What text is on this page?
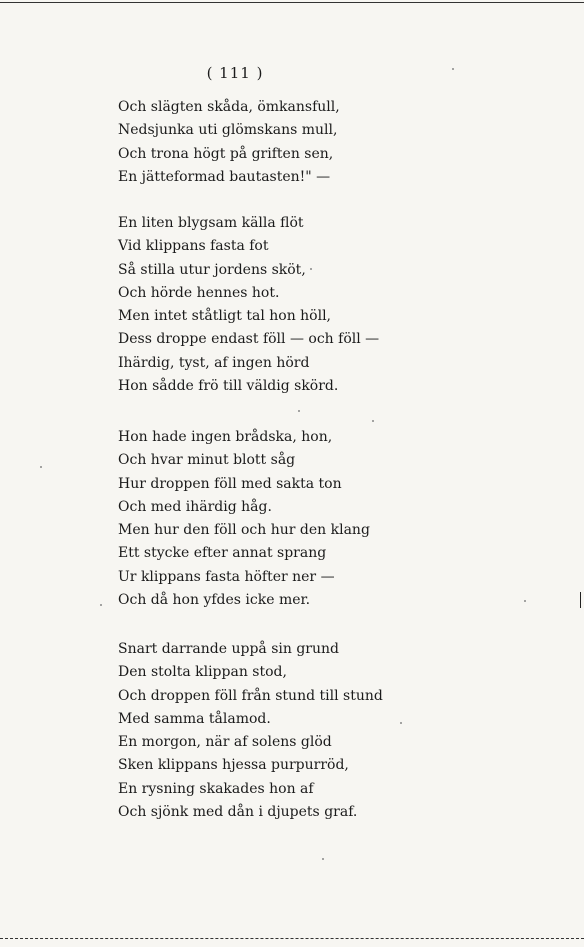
( 111 )
Och slägten skåda, ömkansfull,
Nedsjunka uti glömskans mull,
Och trona högt på griften sen,
En jätteformad bautasten!" —
En liten blygsam källa flöt
Vid klippans fasta fot
Så stilla utur jordens sköt,
Och hörde hennes hot.
Men intet ståtligt tal hon höll,
Dess droppe endast föll — och föll —
Ihärdig, tyst, af ingen hörd
Hon sådde frö till väldig skörd.
Hon hade ingen brådska, hon,
Och hvar minut blott såg
Hur droppen föll med sakta ton
Och med ihärdig håg.
Men hur den föll och hur den klang
Ett stycke efter annat sprang
Ur klippans fasta höfter ner —
Och då hon yfdes icke mer.
Snart darrande uppå sin grund
Den stolta klippan stod,
Och droppen föll från stund till stund
Med samma tålamod.
En morgon, när af solens glöd
Sken klippans hjessa purpurröd,
En rysning skakades hon af
Och sjönk med dån i djupets graf.
